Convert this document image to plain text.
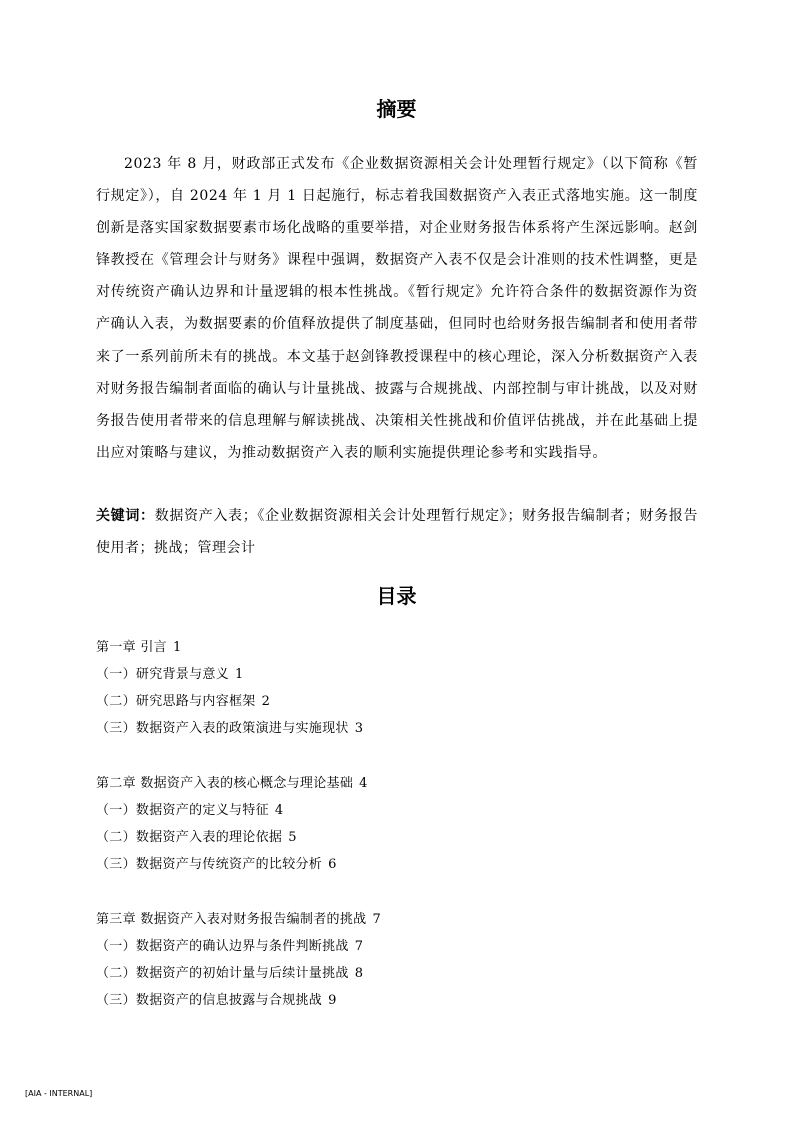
摘要

2023 年 8 月，财政部正式发布《企业数据资源相关会计处理暂行规定》（以下简称《暂行规定》），自 2024 年 1 月 1 日起施行，标志着我国数据资产入表正式落地实施。这一制度创新是落实国家数据要素市场化战略的重要举措，对企业财务报告体系将产生深远影响。赵剑锋教授在《管理会计与财务》课程中强调，数据资产入表不仅是会计准则的技术性调整，更是对传统资产确认边界和计量逻辑的根本性挑战。《暂行规定》允许符合条件的数据资源作为资产确认入表，为数据要素的价值释放提供了制度基础，但同时也给财务报告编制者和使用者带来了一系列前所未有的挑战。本文基于赵剑锋教授课程中的核心理论，深入分析数据资产入表对财务报告编制者面临的确认与计量挑战、披露与合规挑战、内部控制与审计挑战，以及对财务报告使用者带来的信息理解与解读挑战、决策相关性挑战和价值评估挑战，并在此基础上提出应对策略与建议，为推动数据资产入表的顺利实施提供理论参考和实践指导。

关键词：数据资产入表；《企业数据资源相关会计处理暂行规定》；财务报告编制者；财务报告使用者；挑战；管理会计

目录
第一章 引言 1
（一）研究背景与意义 1
（二）研究思路与内容框架 2
（三）数据资产入表的政策演进与实施现状 3
第二章 数据资产入表的核心概念与理论基础 4
（一）数据资产的定义与特征 4
（二）数据资产入表的理论依据 5
（三）数据资产与传统资产的比较分析 6
第三章 数据资产入表对财务报告编制者的挑战 7
（一）数据资产的确认边界与条件判断挑战 7
（二）数据资产的初始计量与后续计量挑战 8
（三）数据资产的信息披露与合规挑战 9
[AIA - INTERNAL]
